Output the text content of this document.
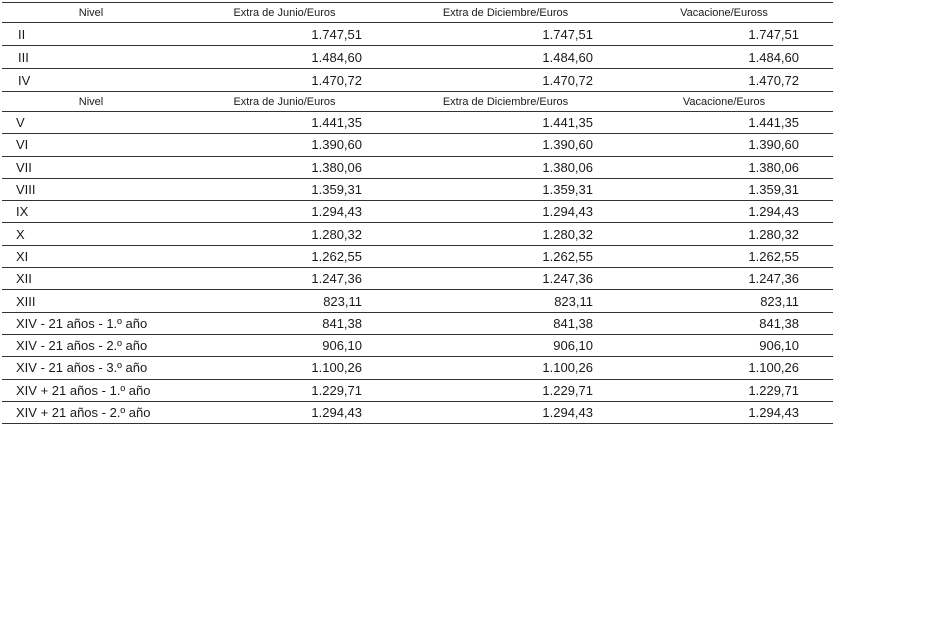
Nivel	Extra de Junio/Euros	Extra de Diciembre/Euros	Vacacione/Euross
II	1.747,51	1.747,51	1.747,51
III	1.484,60	1.484,60	1.484,60
IV	1.470,72	1.470,72	1.470,72
Nivel	Extra de Junio/Euros	Extra de Diciembre/Euros	Vacacione/Euros
V	1.441,35	1.441,35	1.441,35
VI	1.390,60	1.390,60	1.390,60
VII	1.380,06	1.380,06	1.380,06
VIII	1.359,31	1.359,31	1.359,31
IX	1.294,43	1.294,43	1.294,43
X	1.280,32	1.280,32	1.280,32
XI	1.262,55	1.262,55	1.262,55
XII	1.247,36	1.247,36	1.247,36
XIII	823,11	823,11	823,11
XIV - 21 años - 1.º año	841,38	841,38	841,38
XIV - 21 años - 2.º año	906,10	906,10	906,10
XIV - 21 años - 3.º año	1.100,26	1.100,26	1.100,26
XIV + 21 años - 1.º año	1.229,71	1.229,71	1.229,71
XIV + 21 años - 2.º año	1.294,43	1.294,43	1.294,43
